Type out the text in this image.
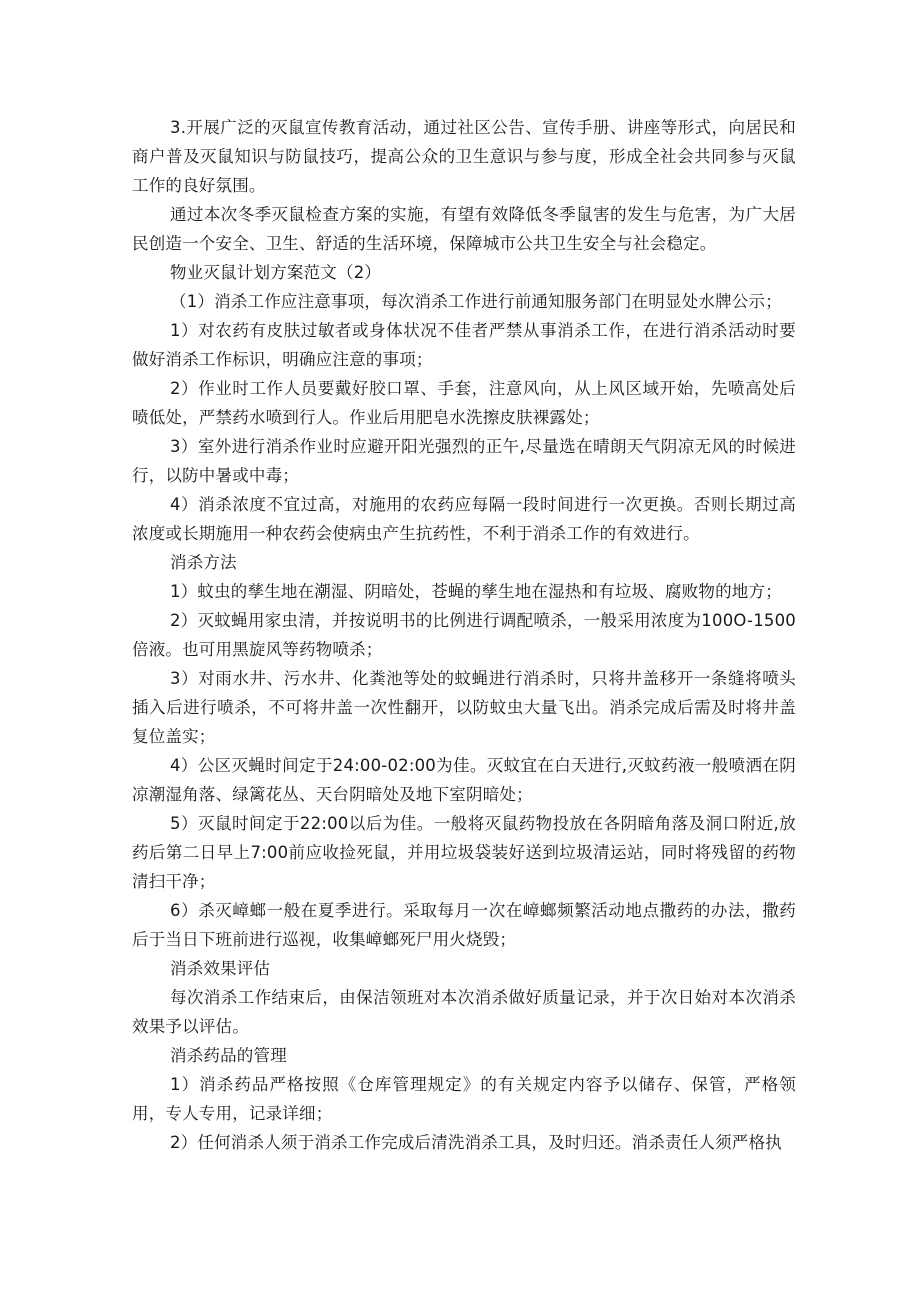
3.开展广泛的灭鼠宣传教育活动，通过社区公告、宣传手册、讲座等形式，向居民和商户普及灭鼠知识与防鼠技巧，提高公众的卫生意识与参与度，形成全社会共同参与灭鼠工作的良好氛围。

通过本次冬季灭鼠检查方案的实施，有望有效降低冬季鼠害的发生与危害，为广大居民创造一个安全、卫生、舒适的生活环境，保障城市公共卫生安全与社会稳定。

物业灭鼠计划方案范文（2）

（1）消杀工作应注意事项，每次消杀工作进行前通知服务部门在明显处水牌公示；

1）对农药有皮肤过敏者或身体状况不佳者严禁从事消杀工作，在进行消杀活动时要做好消杀工作标识，明确应注意的事项；

2）作业时工作人员要戴好胶口罩、手套，注意风向，从上风区域开始，先喷高处后喷低处，严禁药水喷到行人。作业后用肥皂水洗擦皮肤裸露处；

3）室外进行消杀作业时应避开阳光强烈的正午,尽量选在晴朗天气阴凉无风的时候进行，以防中暑或中毒；

4）消杀浓度不宜过高，对施用的农药应每隔一段时间进行一次更换。否则长期过高浓度或长期施用一种农药会使病虫产生抗药性，不利于消杀工作的有效进行。

消杀方法

1）蚊虫的孳生地在潮湿、阴暗处，苍蝇的孳生地在湿热和有垃圾、腐败物的地方；

2）灭蚊蝇用家虫清，并按说明书的比例进行调配喷杀，一般采用浓度为100O-1500倍液。也可用黑旋风等药物喷杀；

3）对雨水井、污水井、化粪池等处的蚊蝇进行消杀时，只将井盖移开一条缝将喷头插入后进行喷杀，不可将井盖一次性翻开，以防蚊虫大量飞出。消杀完成后需及时将井盖复位盖实；

4）公区灭蝇时间定于24:00-02:00为佳。灭蚊宜在白天进行,灭蚊药液一般喷洒在阴凉潮湿角落、绿篱花丛、天台阴暗处及地下室阴暗处；

5）灭鼠时间定于22:00以后为佳。一般将灭鼠药物投放在各阴暗角落及洞口附近,放药后第二日早上7:00前应收捡死鼠，并用垃圾袋装好送到垃圾清运站，同时将残留的药物清扫干净；

6）杀灭嶂螂一般在夏季进行。采取每月一次在嶂螂频繁活动地点撒药的办法，撒药后于当日下班前进行巡视，收集嶂螂死尸用火烧毁；

消杀效果评估

每次消杀工作结束后，由保洁领班对本次消杀做好质量记录，并于次日始对本次消杀效果予以评估。

消杀药品的管理

1）消杀药品严格按照《仓库管理规定》的有关规定内容予以储存、保管，严格领用，专人专用，记录详细；

2）任何消杀人须于消杀工作完成后清洗消杀工具，及时归还。消杀责任人须严格执
